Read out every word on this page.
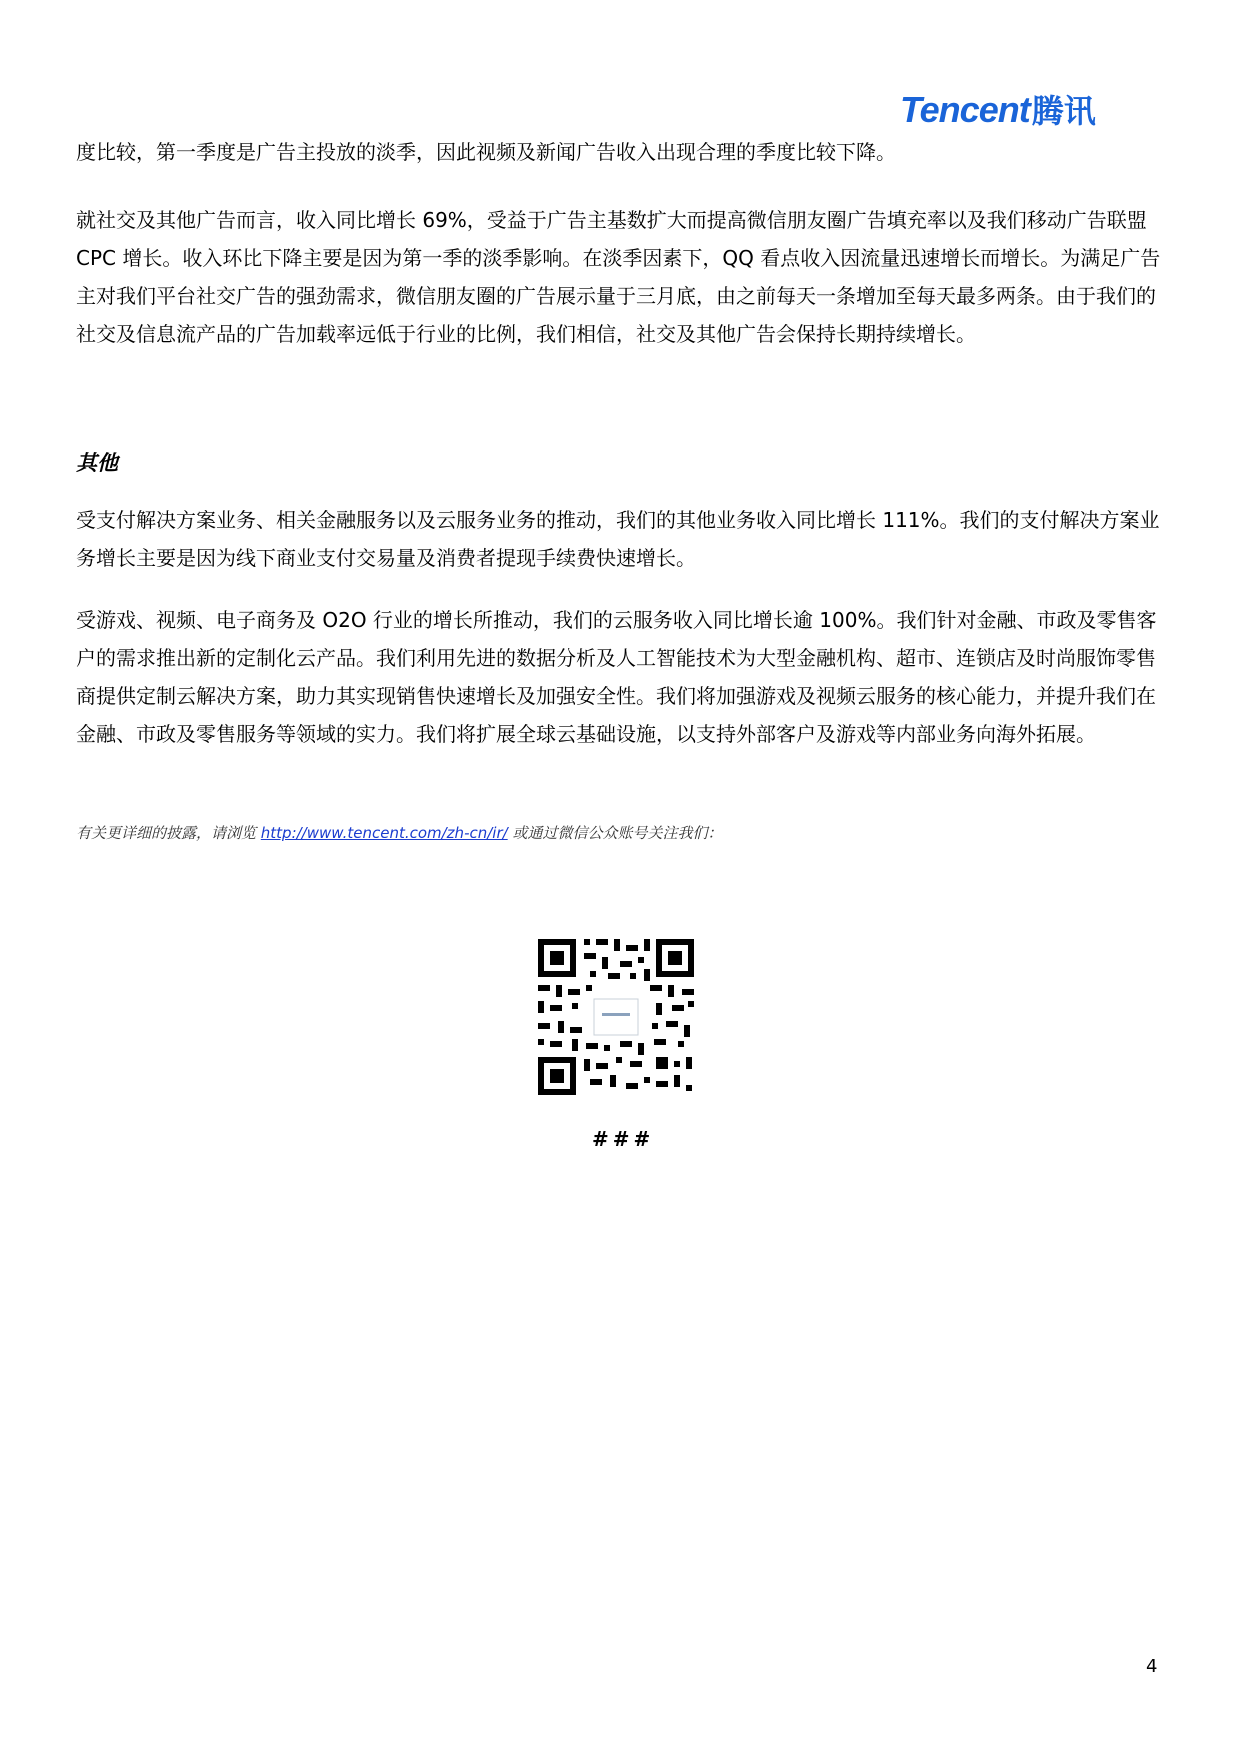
Tencent 腾讯

度比较，第一季度是广告主投放的淡季，因此视频及新闻广告收入出现合理的季度比较下降。

就社交及其他广告而言，收入同比增长 69%，受益于广告主基数扩大而提高微信朋友圈广告填充率以及我们移动广告联盟 CPC 增长。收入环比下降主要是因为第一季的淡季影响。在淡季因素下，QQ 看点收入因流量迅速增长而增长。为满足广告主对我们平台社交广告的强劲需求，微信朋友圈的广告展示量于三月底，由之前每天一条增加至每天最多两条。由于我们的社交及信息流产品的广告加载率远低于行业的比例，我们相信，社交及其他广告会保持长期持续增长。

其他

受支付解决方案业务、相关金融服务以及云服务业务的推动，我们的其他业务收入同比增长 111%。我们的支付解决方案业务增长主要是因为线下商业支付交易量及消费者提现手续费快速增长。

受游戏、视频、电子商务及 O2O 行业的增长所推动，我们的云服务收入同比增长逾 100%。我们针对金融、市政及零售客户的需求推出新的定制化云产品。我们利用先进的数据分析及人工智能技术为大型金融机构、超市、连锁店及时尚服饰零售商提供定制云解决方案，助力其实现销售快速增长及加强安全性。我们将加强游戏及视频云服务的核心能力，并提升我们在金融、市政及零售服务等领域的实力。我们将扩展全球云基础设施，以支持外部客户及游戏等内部业务向海外拓展。

有关更详细的披露，请浏览 http://www.tencent.com/zh-cn/ir/ 或通过微信公众账号关注我们：

###

4
